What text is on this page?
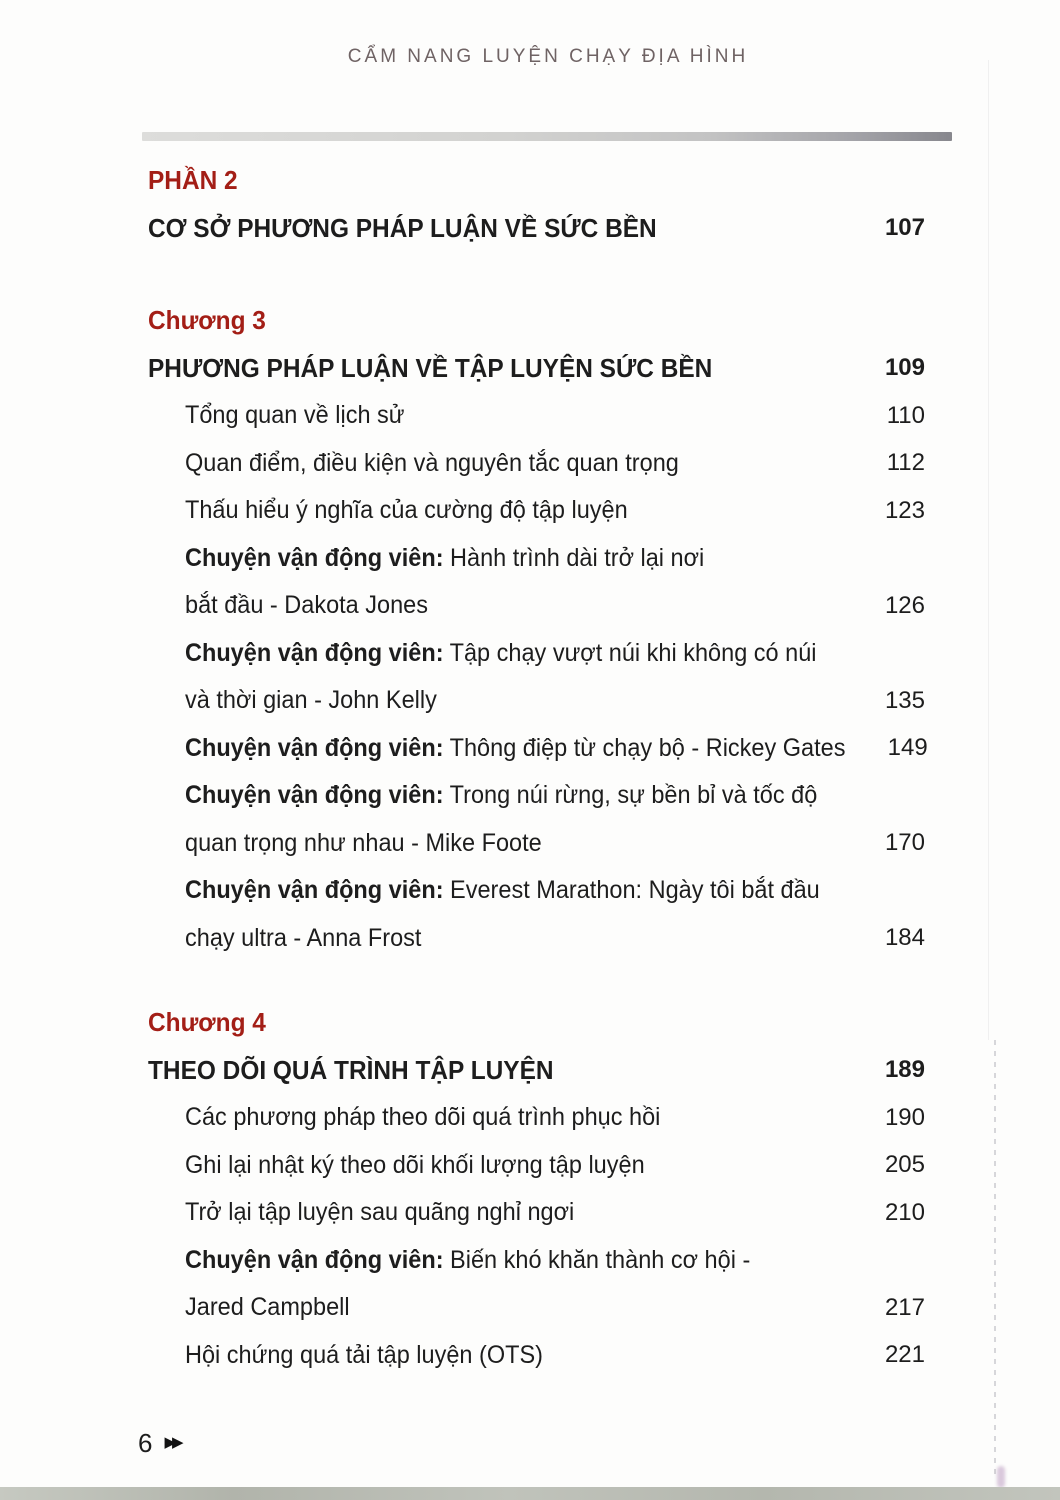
CẨM NANG LUYỆN CHẠY ĐỊA HÌNH
PHẦN 2
CƠ SỞ PHƯƠNG PHÁP LUẬN VỀ SỨC BỀN	107
Chương 3
PHƯƠNG PHÁP LUẬN VỀ TẬP LUYỆN SỨC BỀN	109
Tổng quan về lịch sử	110
Quan điểm, điều kiện và nguyên tắc quan trọng	112
Thấu hiểu ý nghĩa của cường độ tập luyện	123
Chuyện vận động viên: Hành trình dài trở lại nơi
bắt đầu - Dakota Jones	126
Chuyện vận động viên: Tập chạy vượt núi khi không có núi
và thời gian - John Kelly	135
Chuyện vận động viên: Thông điệp từ chạy bộ - Rickey Gates 149
Chuyện vận động viên: Trong núi rừng, sự bền bỉ và tốc độ
quan trọng như nhau - Mike Foote	170
Chuyện vận động viên: Everest Marathon: Ngày tôi bắt đầu
chạy ultra - Anna Frost	184
Chương 4
THEO DÕI QUÁ TRÌNH TẬP LUYỆN	189
Các phương pháp theo dõi quá trình phục hồi	190
Ghi lại nhật ký theo dõi khối lượng tập luyện	205
Trở lại tập luyện sau quãng nghỉ ngơi	210
Chuyện vận động viên: Biến khó khăn thành cơ hội -
Jared Campbell	217
Hội chứng quá tải tập luyện (OTS)	221
6 ▶▶
